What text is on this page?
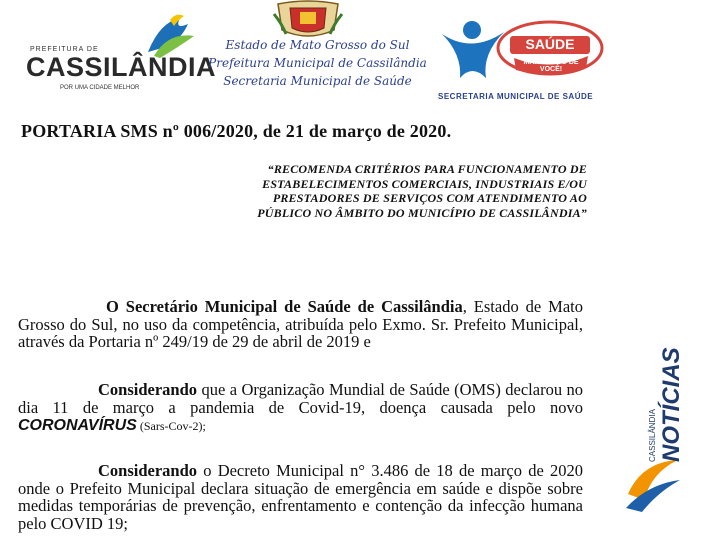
PREFEITURA DE
CASSILÂNDIA
POR UMA CIDADE MELHOR
Estado de Mato Grosso do Sul
Prefeitura Municipal de Cassilândia
Secretaria Municipal de Saúde
SAÚDE
MAIS PERTO DE VOCÊ!
SECRETARIA MUNICIPAL DE SAÚDE
PORTARIA SMS nº 006/2020, de 21 de março de 2020.
“RECOMENDA CRITÉRIOS PARA FUNCIONAMENTO DE
ESTABELECIMENTOS COMERCIAIS, INDUSTRIAIS E/OU
PRESTADORES DE SERVIÇOS COM ATENDIMENTO AO
PÚBLICO NO ÂMBITO DO MUNICÍPIO DE CASSILÂNDIA”
O Secretário Municipal de Saúde de Cassilândia, Estado de Mato Grosso do Sul, no uso da competência, atribuída pelo Exmo. Sr. Prefeito Municipal, através da Portaria nº 249/19 de 29 de abril de 2019 e
Considerando que a Organização Mundial de Saúde (OMS) declarou no dia 11 de março a pandemia de Covid-19, doença causada pelo novo CORONAVÍRUS (Sars-Cov-2);
Considerando o Decreto Municipal n° 3.486 de 18 de março de 2020 onde o Prefeito Municipal declara situação de emergência em saúde e dispõe sobre medidas temporárias de prevenção, enfrentamento e contenção da infecção humana pelo COVID 19;
CASSILÂNDIA NOTÍCIAS
